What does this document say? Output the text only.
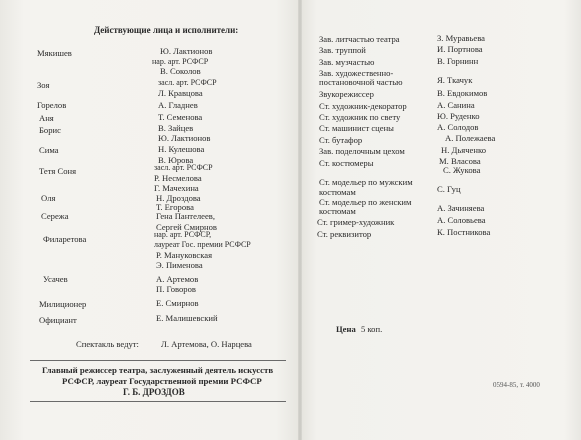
Действующие лица и исполнители:
Мякишев	Ю. Лактионов
нар. арт. РСФСР
В. Соколов
Зоя	засл. арт. РСФСР
Л. Кравцова
Горелов	А. Гладнев
Аня	Т. Семенова
Борис	В. Зайцев
Ю. Лактионов
Сима	Н. Кулешова
В. Юрова
Тетя Соня	засл. арт. РСФСР
Р. Несмелова
Г. Мачехина
Оля	Н. Дроздова
Т. Егорова
Сережа	Гена Пантелеев,
Сергей Смирнов
Филаретова	нар. арт. РСФСР,
лауреат Гос. премии РСФСР
Р. Мануковская
Э. Пименова
Усачев	А. Артемов
П. Говоров
Милиционер	Е. Смирнов
Официант	Е. Малишевский
Спектакль ведут:	Л. Артемова, О. Нарцева
Главный режиссер театра, заслуженный деятель искусств
РСФСР, лауреат Государственной премии РСФСР
Г. Б. ДРОЗДОВ
Зав. литчастью театра	З. Муравьева
Зав. труппой	И. Портнова
Зав. музчастью	В. Горнинн
Зав. художественно-
постановочной частью	Я. Ткачук
Звукорежиссер	В. Евдокимов
Ст. художник-декоратор	А. Санина
Ст. художник по свету	Ю. Руденко
Ст. машинист сцены	А. Солодов
Ст. бутафор	А. Полежаева
Зав. поделочным цехом	Н. Дьяченко
Ст. костюмеры	М. Власова
С. Жукова
Ст. модельер по мужским
костюмам	С. Гуц
Ст. модельер по женским
костюмам	А. Зачиняева
Ст. гример-художник	А. Соловьева
Ст. реквизитор	К. Постникова
Цена 5 коп.
0594-85, т. 4000
